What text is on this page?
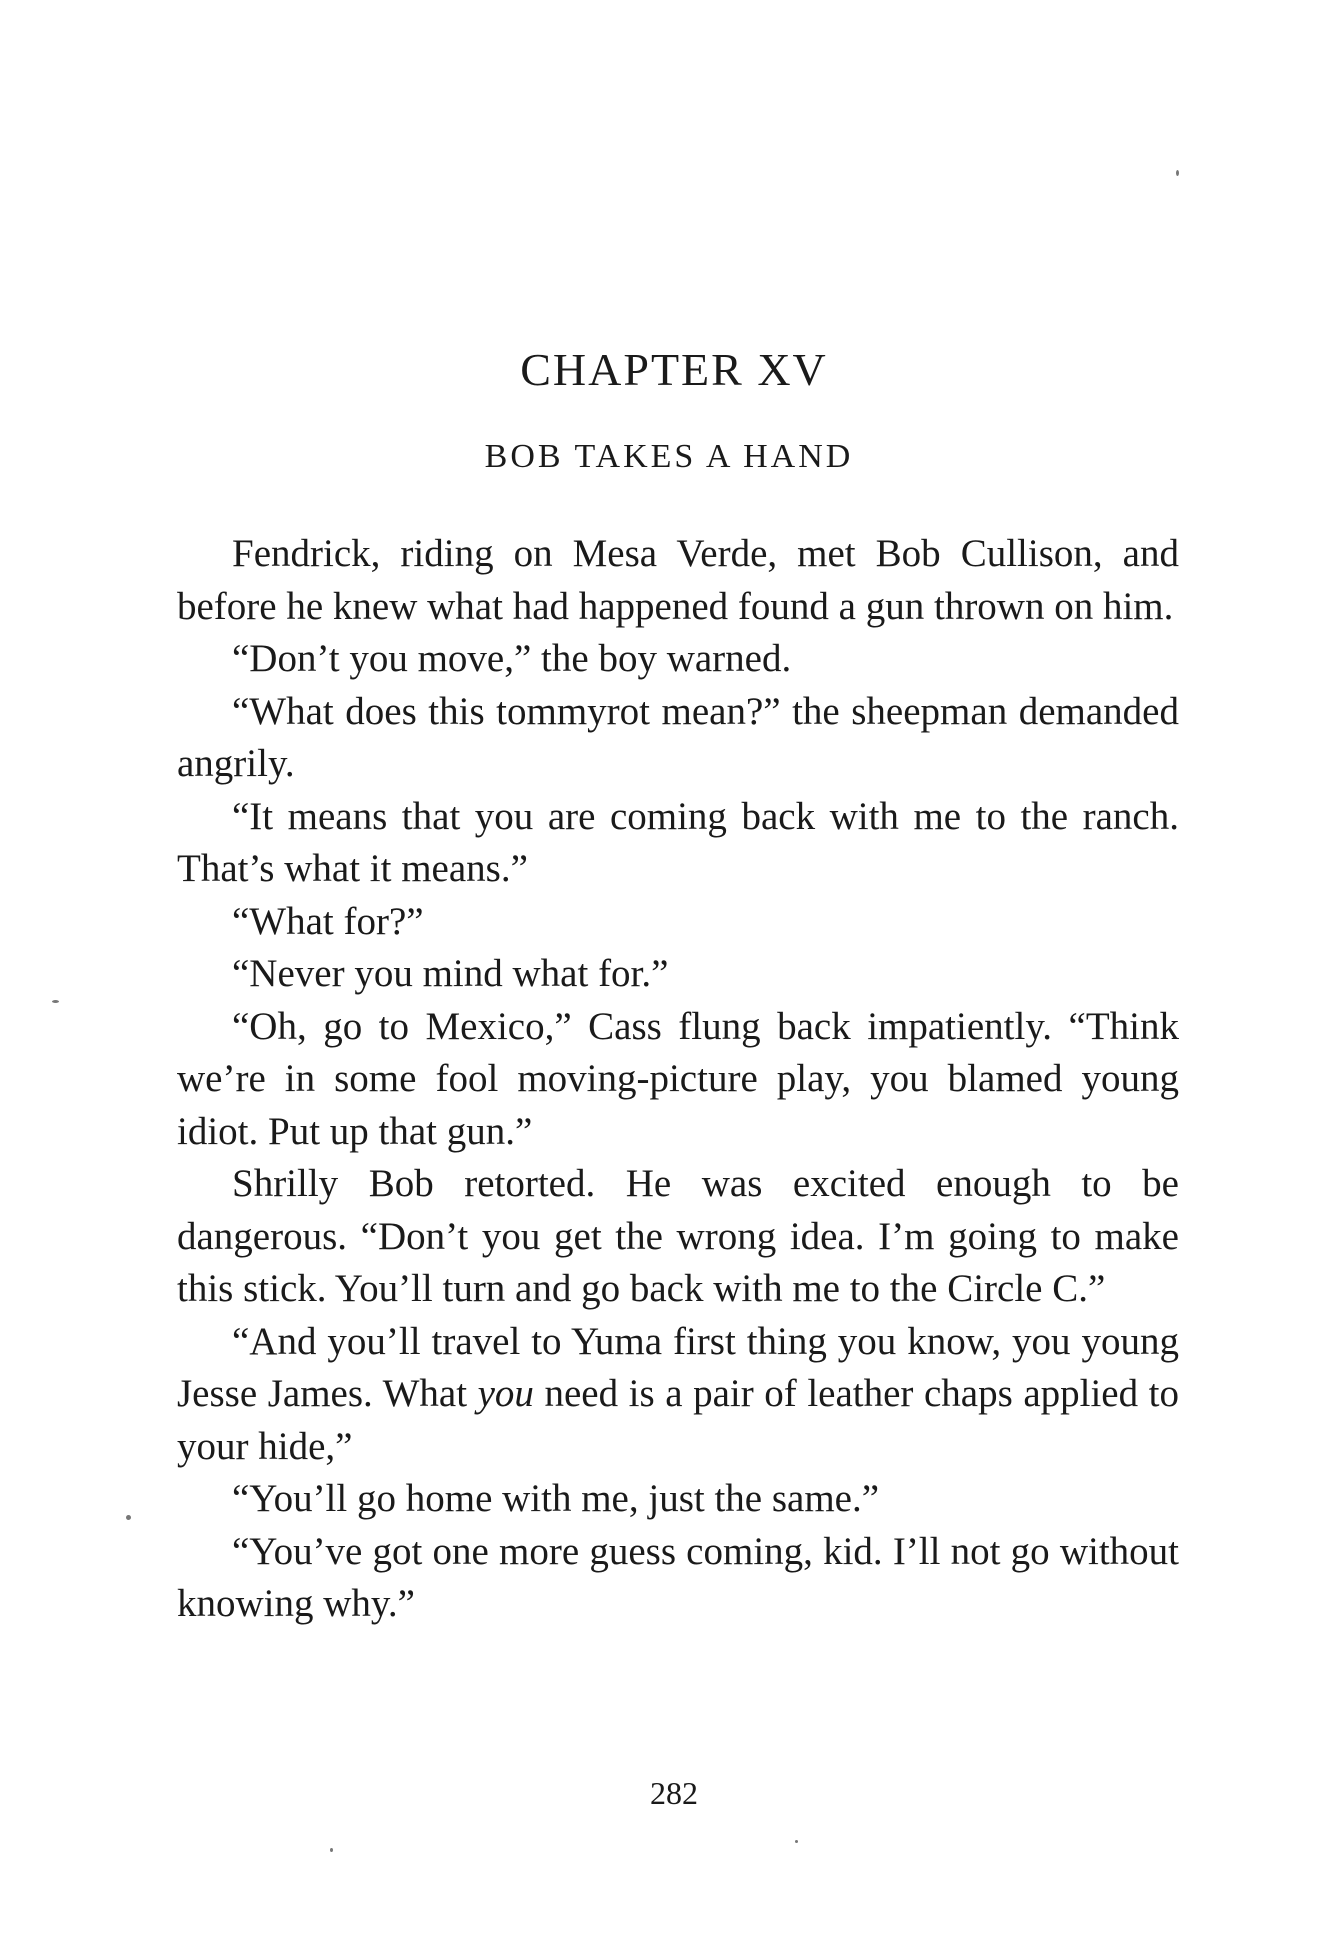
CHAPTER XV
BOB TAKES A HAND

Fendrick, riding on Mesa Verde, met Bob Cullison, and before he knew what had happened found a gun thrown on him.

“Don’t you move,” the boy warned.

“What does this tommyrot mean?” the sheepman demanded angrily.

“It means that you are coming back with me to the ranch. That’s what it means.”

“What for?”

“Never you mind what for.”

“Oh, go to Mexico,” Cass flung back impatiently. “Think we’re in some fool moving-picture play, you blamed young idiot. Put up that gun.”

Shrilly Bob retorted. He was excited enough to be dangerous. “Don’t you get the wrong idea. I’m going to make this stick. You’ll turn and go back with me to the Circle C.”

“And you’ll travel to Yuma first thing you know, you young Jesse James. What you need is a pair of leather chaps applied to your hide,”

“You’ll go home with me, just the same.”

“You’ve got one more guess coming, kid. I’ll not go without knowing why.”

282
